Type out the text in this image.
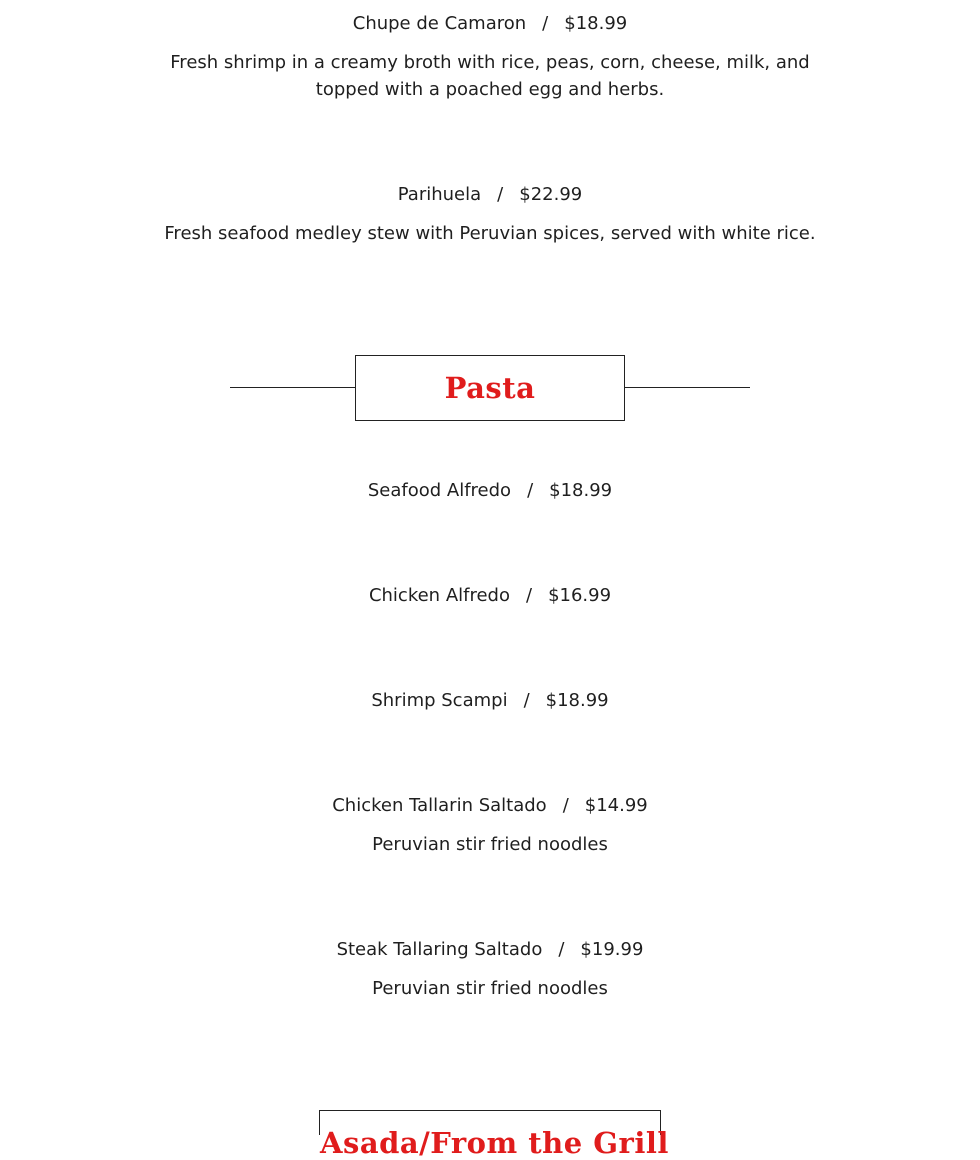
Chupe de Camaron / $18.99
Fresh shrimp in a creamy broth with rice, peas, corn, cheese, milk, and topped with a poached egg and herbs.
Parihuela / $22.99
Fresh seafood medley stew with Peruvian spices, served with white rice.
Pasta
Seafood Alfredo / $18.99
Chicken Alfredo / $16.99
Shrimp Scampi / $18.99
Chicken Tallarin Saltado / $14.99
Peruvian stir fried noodles
Steak Tallaring Saltado / $19.99
Peruvian stir fried noodles
Asada/From the Grill
